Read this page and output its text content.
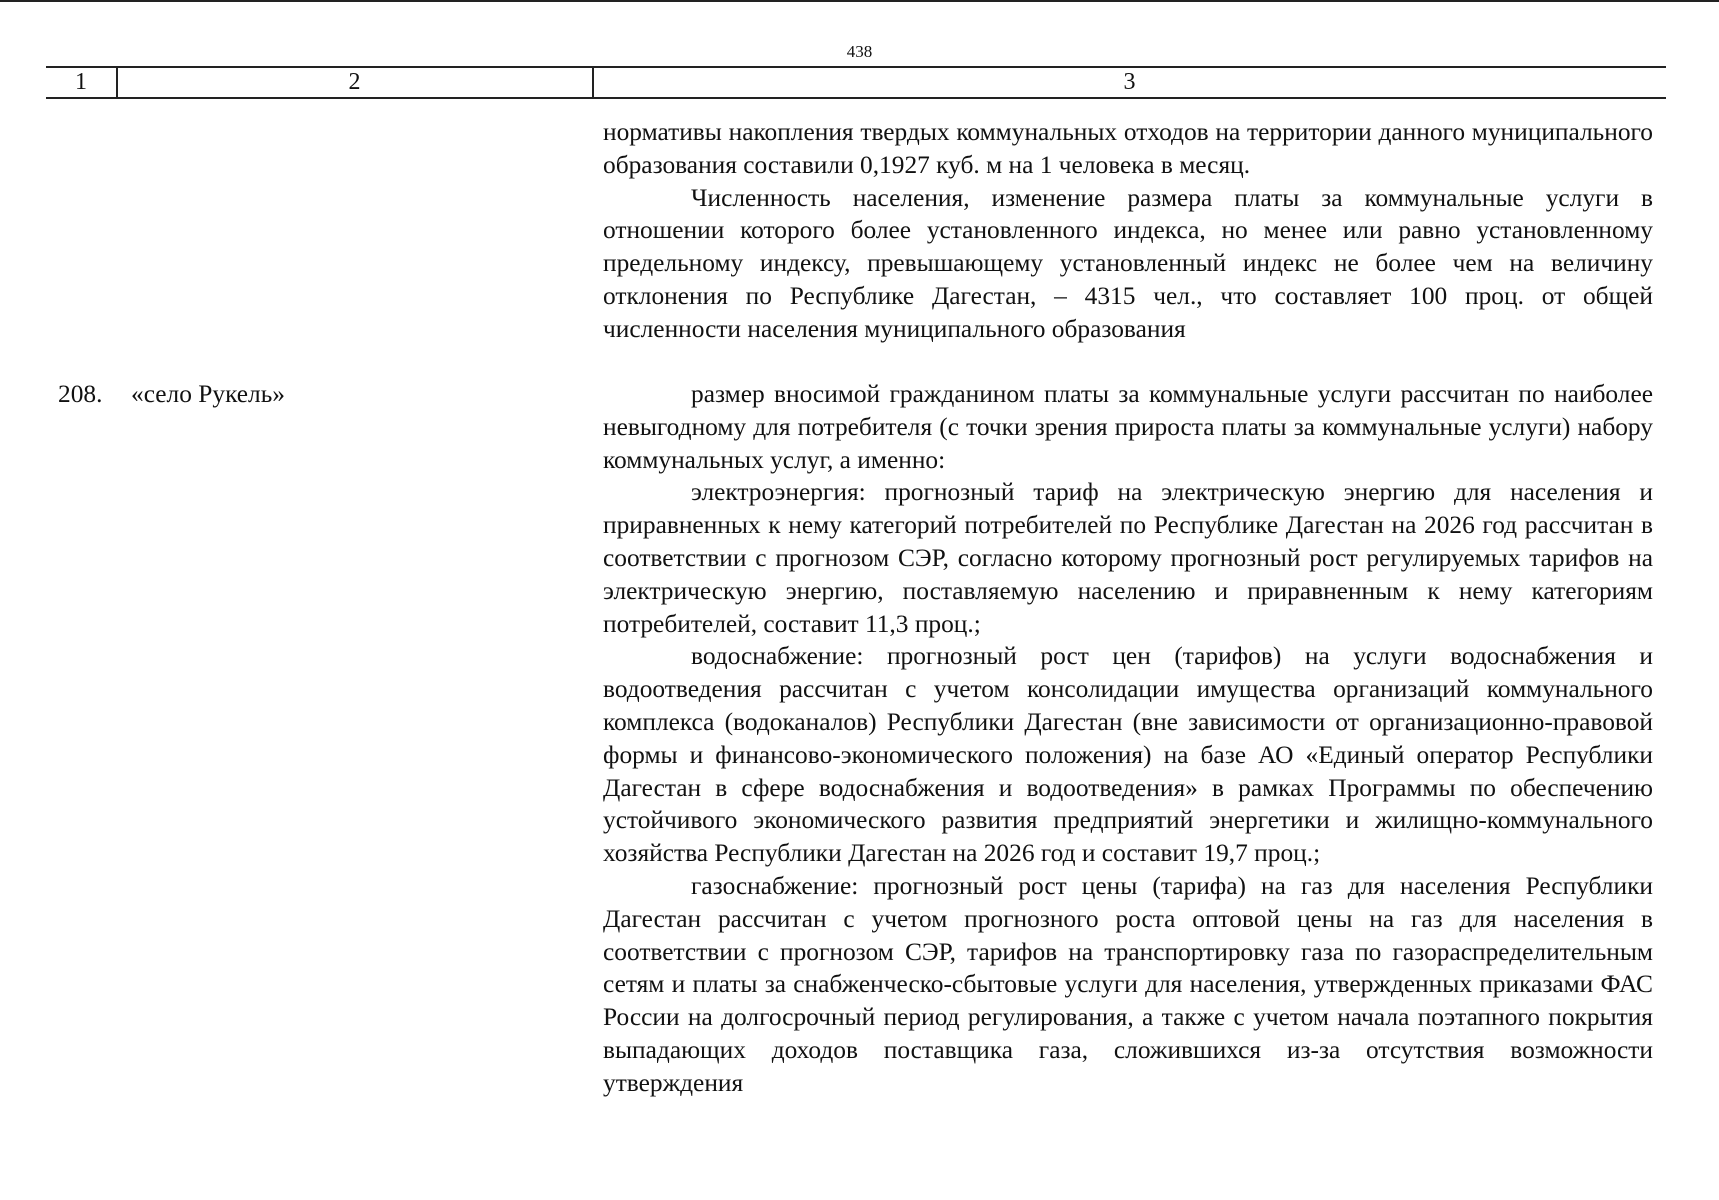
438
1	2	3

нормативы накопления твердых коммунальных отходов на территории данного муниципального образования составили 0,1927 куб. м на 1 человека в месяц.

Численность населения, изменение размера платы за коммунальные услуги в отношении которого более установленного индекса, но менее или равно установленному предельному индексу, превышающему установленный индекс не более чем на величину отклонения по Республике Дагестан, – 4315 чел., что составляет 100 проц. от общей численности населения муниципального образования

208. «село Рукель»	размер вносимой гражданином платы за коммунальные услуги рассчитан по наиболее невыгодному для потребителя (с точки зрения прироста платы за коммунальные услуги) набору коммунальных услуг, а именно:

электроэнергия: прогнозный тариф на электрическую энергию для населения и приравненных к нему категорий потребителей по Республике Дагестан на 2026 год рассчитан в соответствии с прогнозом СЭР, согласно которому прогнозный рост регулируемых тарифов на электрическую энергию, поставляемую населению и приравненным к нему категориям потребителей, составит 11,3 проц.;

водоснабжение: прогнозный рост цен (тарифов) на услуги водоснабжения и водоотведения рассчитан с учетом консолидации имущества организаций коммунального комплекса (водоканалов) Республики Дагестан (вне зависимости от организационно-правовой формы и финансово-экономического положения) на базе АО «Единый оператор Республики Дагестан в сфере водоснабжения и водоотведения» в рамках Программы по обеспечению устойчивого экономического развития предприятий энергетики и жилищно-коммунального хозяйства Республики Дагестан на 2026 год и составит 19,7 проц.;

газоснабжение: прогнозный рост цены (тарифа) на газ для населения Республики Дагестан рассчитан с учетом прогнозного роста оптовой цены на газ для населения в соответствии с прогнозом СЭР, тарифов на транспортировку газа по газораспределительным сетям и платы за снабженческо-сбытовые услуги для населения, утвержденных приказами ФАС России на долгосрочный период регулирования, а также с учетом начала поэтапного покрытия выпадающих доходов поставщика газа, сложившихся из-за отсутствия возможности утверждения
